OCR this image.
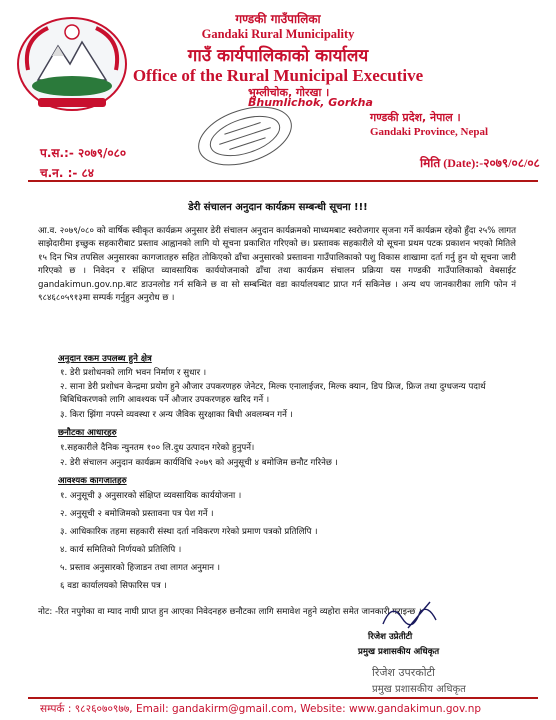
गण्डकी गाउँपालिका
Gandaki Rural Municipality
गाउँ कार्यपालिकाको कार्यालय
Office of the Rural Municipal Executive
भुम्लीचोक, गोरखा ।
Bhumlichok, Gorkha
गण्डकी प्रदेश, नेपाल ।
Gandaki Province, Nepal
प.स.:- २०७९/०८०
च.न. :- ८४
मिति (Date):-२०७९/०८/०८
डेरी संचालन अनुदान कार्यक्रम सम्बन्धी सूचना !!!
आ.व. २०७९/०८० को वार्षिक स्वीकृत कार्यक्रम अनुसार डेरी संचालन अनुदान कार्यक्रमको माध्यमबाट स्वरोजगार सृजना गर्ने कार्यक्रम रहेको हुँदा २५% लागत साझेदारीमा इच्छुक सहकारीबाट प्रस्ताव आह्वानको लागि यो सूचना प्रकाशित गरिएको छ। प्रस्तावक सहकारीले यो सूचना प्रथम पटक प्रकाशन भएको मितिले १५ दिन भित्र तपसिल अनुसारका कागजातहरु सहित तोकिएको ढाँचा अनुसारको प्रस्तावना गाउँपालिकाको पशु विकास शाखामा दर्ता गर्नु हुन यो सूचना जारी गरिएको छ । निवेदन र संक्षिप्त व्यावसायिक कार्ययोजनाको ढाँचा तथा कार्यक्रम संचालन प्रक्रिया यस गण्डकी गाउँपालिकाको वेबसाईट gandakimun.gov.np.बाट डाउनलोड गर्न सकिने छ वा सो सम्बन्धित वडा कार्यालयबाट प्राप्त गर्न सकिनेछ । अन्य थप जानकारीका लागि फोन नं ९८४६८०५९१३मा सम्पर्क गर्नुहुन अनुरोध छ ।
अनुदान रकम उपलब्ध हुने क्षेत्र
१. डेरी प्रशोधनको लागि भवन निर्माण र सुधार ।
२. साना डेरी प्रशोधन केन्द्रमा प्रयोग हुने औजार उपकरणहरु जेनेटर, मिल्क एनालाईजर, मिल्क क्यान, डिप फ्रिज, फ्रिज तथा दुग्धजन्य पदार्थ बिबिधिकरणको लागि आवश्यक पर्ने औजार उपकरणहरु खरिद गर्ने ।
३. किरा झिंगा नपस्ने व्यवस्था र अन्य जैविक सुरक्षाका बिधी अवलम्बन गर्ने ।
छनौटका आधारहरु
१.सहकारीले दैनिक न्युनतम १०० लि.दुध उत्पादन गरेको हुनुपर्ने।
२. डेरी संचालन अनुदान कार्यक्रम कार्यविधि २०७९ को अनुसूची ४ बमोजिम छनौट गरिनेछ ।
आवश्यक कागजातहरु
१. अनुसूची ३ अनुसारको संक्षिप्त व्यवसायिक कार्ययोजना ।
२. अनुसूची २ बमोजिमको प्रस्तावना पत्र पेश गर्ने ।
३. आधिकारिक तहमा सहकारी संस्था दर्ता नविकरण गरेको प्रमाण पत्रको प्रतिलिपि ।
४. कार्य समितिको निर्णयको प्रतिलिपि ।
५. प्रस्ताव अनुसारको हिजाडन तथा लागत अनुमान ।
६ वडा कार्यालयको सिफारिस पत्र ।
नोट: -रित नपुगेका वा म्याद नाघी प्राप्त हुन आएका निवेदनहरु छनौटका लागि समावेश नहुने व्यहोरा समेत जानकारी गराइन्छ ।
रिजेश उप्रेतीटी
प्रमुख प्रशासकीय अधिकृत
रिजेश उपरकोटी
प्रमुख प्रशासकीय अधिकृत
सम्पर्क : ९८२६०७०९७७, Email: gandakirm@gmail.com, Website: www.gandakimun.gov.np
